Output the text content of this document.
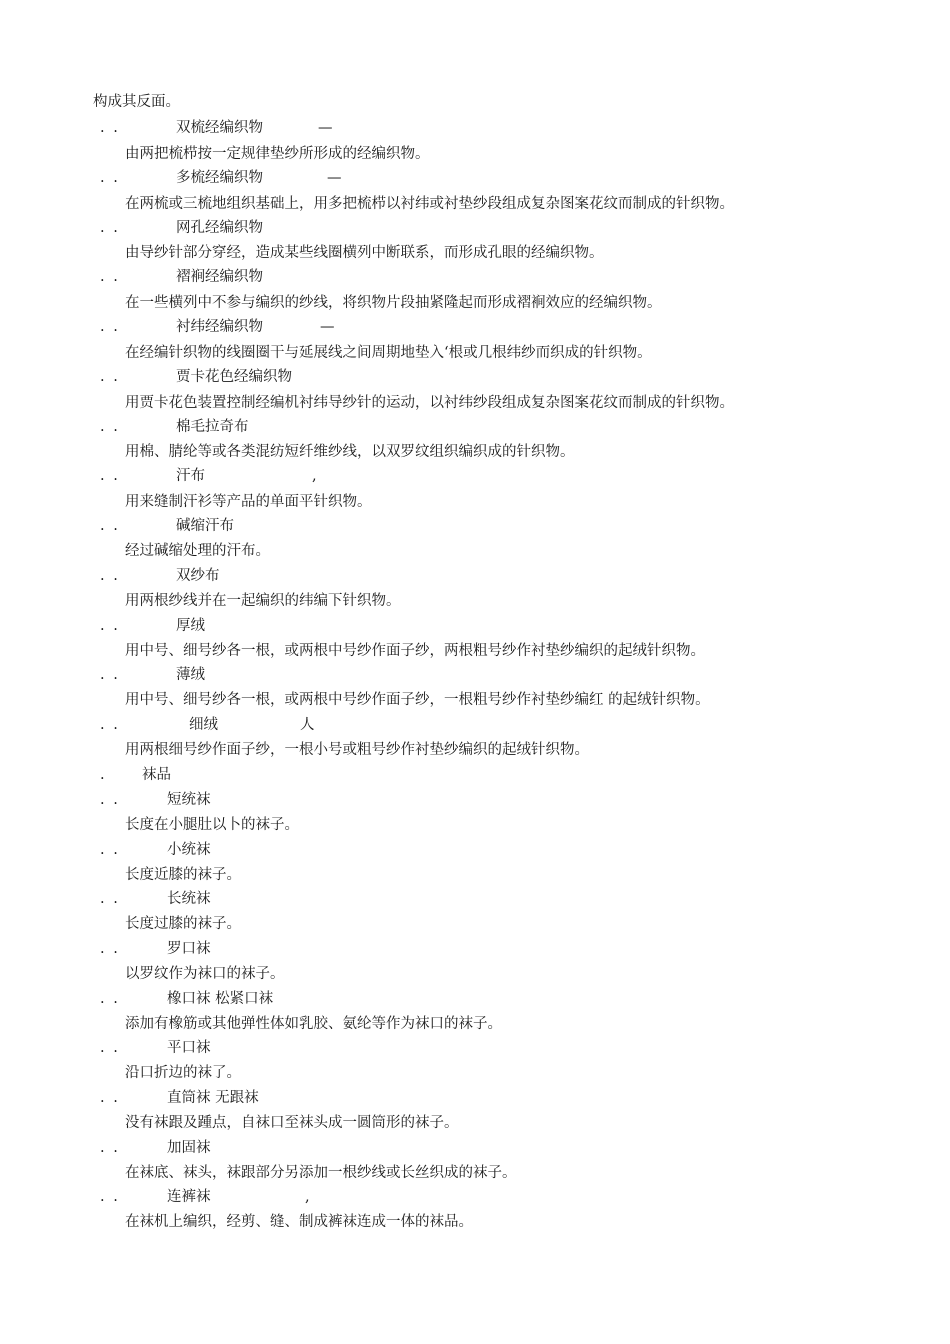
构成其反面。
. .	双梳经编织物	—
由两把梳栉按一定规律垫纱所形成的经编织物。
. .	多梳经编织物	—
在两梳或三梳地组织基础上，用多把梳栉以衬纬或衬垫纱段组成复杂图案花纹而制成的针织物。
. .	网孔经编织物
由导纱针部分穿经，造成某些线圈横列中断联系，而形成孔眼的经编织物。
. .	褶裥经编织物
在一些横列中不参与编织的纱线，将织物片段抽紧隆起而形成褶裥效应的经编织物。
. .	衬纬经编织物	—
在经编针织物的线圈圈干与延展线之间周期地垫入‘根或几根纬纱而织成的针织物。
. .	贾卡花色经编织物
用贾卡花色装置控制经编机衬纬导纱针的运动，以衬纬纱段组成复杂图案花纹而制成的针织物。
. .	棉毛拉奇布
用棉、腈纶等或各类混纺短纤维纱线，以双罗纹组织编织成的针织物。
. .	汗布	,
用来缝制汗衫等产品的单面平针织物。
. .	碱缩汗布
经过碱缩处理的汗布。
. .	双纱布
用两根纱线并在一起编织的纬编下针织物。
. .	厚绒
用中号、细号纱各一根，或两根中号纱作面子纱，两根粗号纱作衬垫纱编织的起绒针织物。
. .	薄绒
用中号、细号纱各一根，或两根中号纱作面子纱，一根粗号纱作衬垫纱编红 的起绒针织物。
. .	细绒	人
用两根细号纱作面子纱，一根小号或粗号纱作衬垫纱编织的起绒针织物。
. 袜品
. .	短统袜
长度在小腿肚以卜的袜子。
. .	小统袜
长度近膝的袜子。
. .	长统袜
长度过膝的袜子。
. .	罗口袜
以罗纹作为袜口的袜子。
. .	橡口袜 松紧口袜
添加有橡筋或其他弹性体如乳胶、氨纶等作为袜口的袜子。
. .	平口袜
沿口折边的袜了。
. .	直筒袜 无跟袜
没有袜跟及踵点，自袜口至袜头成一圆筒形的袜子。
. .	加固袜
在袜底、袜头，袜跟部分另添加一根纱线或长丝织成的袜子。
. .	连裤袜	,
在袜机上编织，经剪、缝、制成裤袜连成一体的袜品。
